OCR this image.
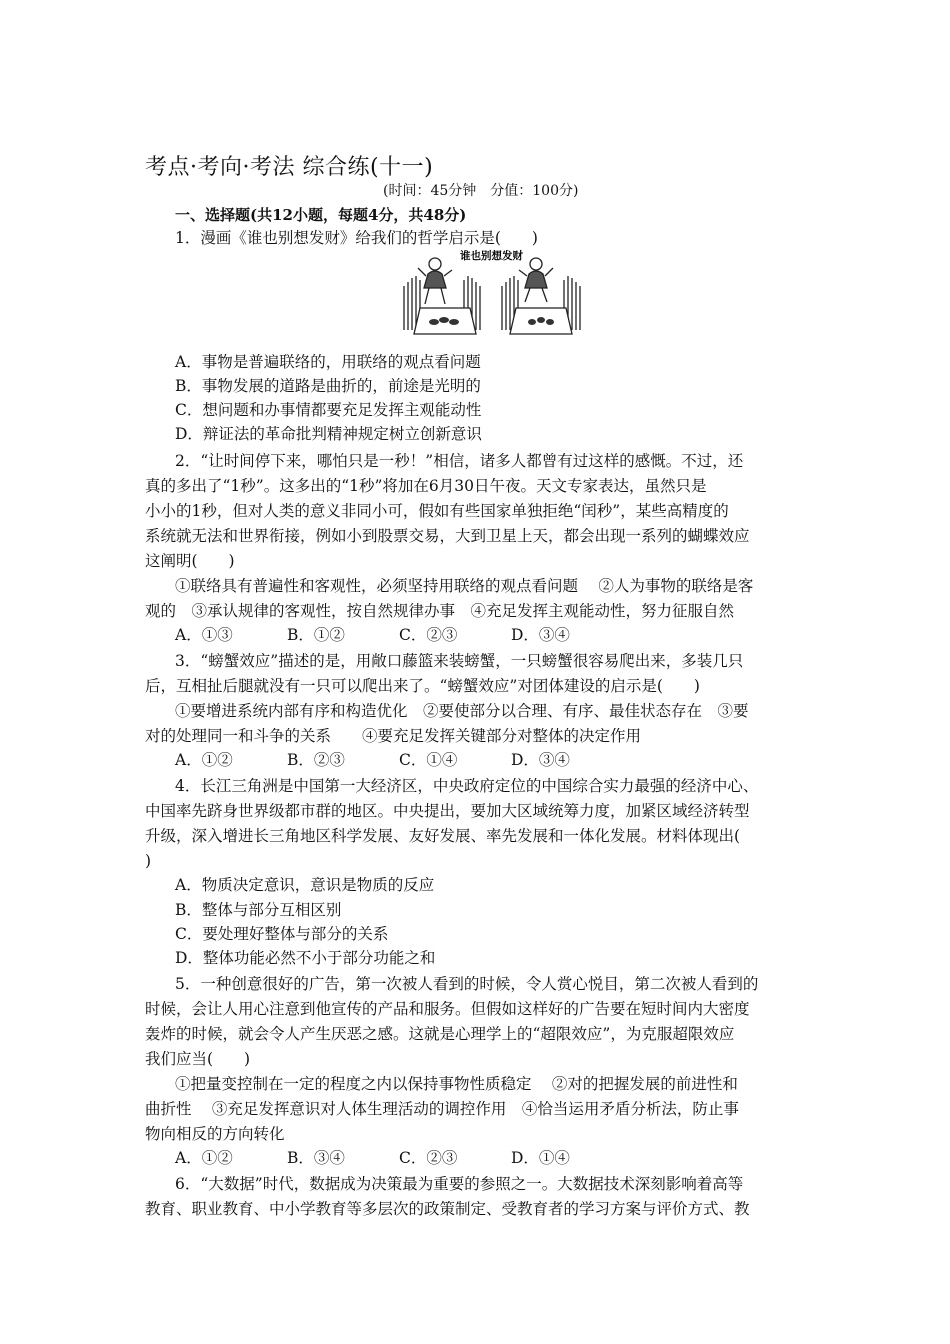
考点·考向·考法 综合练(十一)
(时间：45分钟　分值：100分)
一、选择题(共12小题，每题4分，共48分)
1．漫画《谁也别想发财》给我们的哲学启示是(　　)
谁也别想发财
A．事物是普遍联络的，用联络的观点看问题
B．事物发展的道路是曲折的，前途是光明的
C．想问题和办事情都要充足发挥主观能动性
D．辩证法的革命批判精神规定树立创新意识
2．“让时间停下来，哪怕只是一秒！”相信，诸多人都曾有过这样的感慨。不过，还
真的多出了“1秒”。这多出的“1秒”将加在6月30日午夜。天文专家表达，虽然只是
小小的1秒，但对人类的意义非同小可，假如有些国家单独拒绝“闰秒”，某些高精度的
系统就无法和世界衔接，例如小到股票交易，大到卫星上天，都会出现一系列的蝴蝶效应
这阐明(　　)
①联络具有普遍性和客观性，必须坚持用联络的观点看问题　 ②人为事物的联络是客
观的　③承认规律的客观性，按自然规律办事　④充足发挥主观能动性，努力征服自然
A．①③	B．①②	C．②③	D．③④
3．“螃蟹效应”描述的是，用敞口藤篮来装螃蟹，一只螃蟹很容易爬出来，多装几只
后，互相扯后腿就没有一只可以爬出来了。“螃蟹效应”对团体建设的启示是(　　)
①要增进系统内部有序和构造优化　②要使部分以合理、有序、最佳状态存在　③要
对的处理同一和斗争的关系　　④要充足发挥关键部分对整体的决定作用
A．①②	B．②③	C．①④	D．③④
4．长江三角洲是中国第一大经济区，中央政府定位的中国综合实力最强的经济中心、
中国率先跻身世界级都市群的地区。中央提出，要加大区域统筹力度，加紧区域经济转型
升级，深入增进长三角地区科学发展、友好发展、率先发展和一体化发展。材料体现出(
)
A．物质决定意识，意识是物质的反应
B．整体与部分互相区别
C．要处理好整体与部分的关系
D．整体功能必然不小于部分功能之和
5．一种创意很好的广告，第一次被人看到的时候，令人赏心悦目，第二次被人看到的
时候，会让人用心注意到他宣传的产品和服务。但假如这样好的广告要在短时间内大密度
轰炸的时候，就会令人产生厌恶之感。这就是心理学上的“超限效应”，为克服超限效应
我们应当(　　)
①把量变控制在一定的程度之内以保持事物性质稳定　 ②对的把握发展的前进性和
曲折性　 ③充足发挥意识对人体生理活动的调控作用　④恰当运用矛盾分析法，防止事
物向相反的方向转化
A．①②	B．③④	C．②③	D．①④
6．“大数据”时代，数据成为决策最为重要的参照之一。大数据技术深刻影响着高等
教育、职业教育、中小学教育等多层次的政策制定、受教育者的学习方案与评价方式、教
